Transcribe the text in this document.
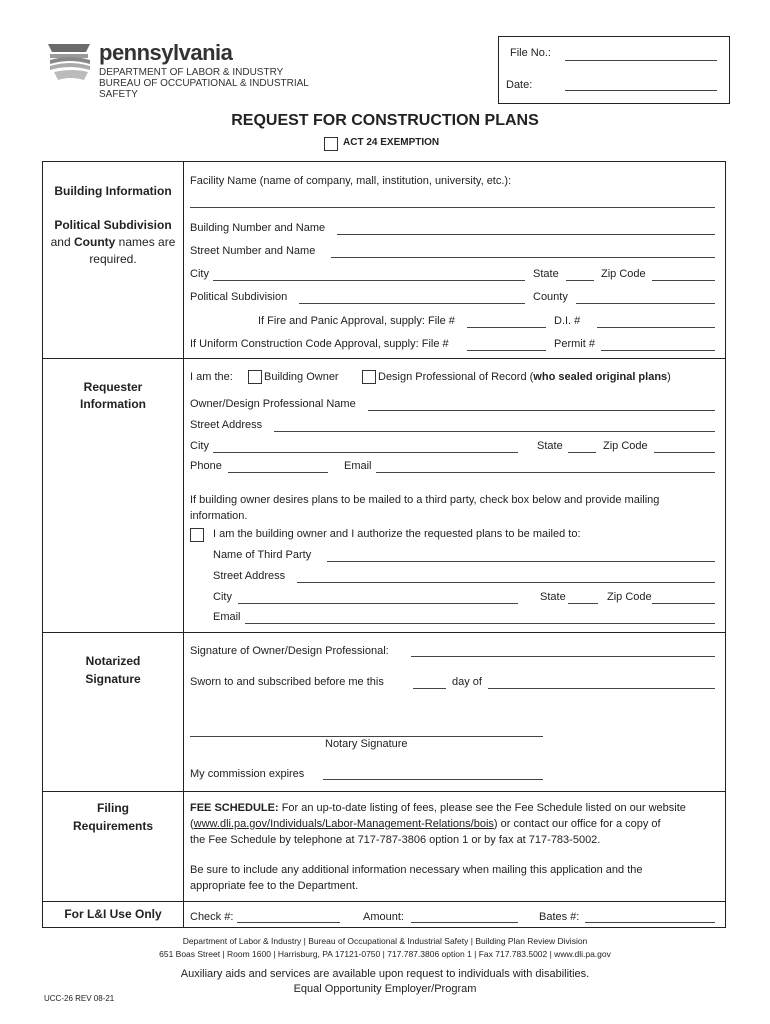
pennsylvania
DEPARTMENT OF LABOR & INDUSTRY
BUREAU OF OCCUPATIONAL & INDUSTRIAL SAFETY
File No.:
Date:
REQUEST FOR CONSTRUCTION PLANS
ACT 24 EXEMPTION
Building Information
Political Subdivision
and County names are required.
Facility Name (name of company, mall, institution, university, etc.):
Building Number and Name
Street Number and Name
City	State	Zip Code
Political Subdivision	County
If Fire and Panic Approval, supply: File #	D.I. #
If Uniform Construction Code Approval, supply: File #	Permit #
Requester
Information
I am the:	Building Owner	Design Professional of Record (who sealed original plans)
Owner/Design Professional Name
Street Address
City	State	Zip Code
Phone	Email
If building owner desires plans to be mailed to a third party, check box below and provide mailing information.
I am the building owner and I authorize the requested plans to be mailed to:
Name of Third Party
Street Address
City	State	Zip Code
Email
Notarized
Signature
Signature of Owner/Design Professional:
Sworn to and subscribed before me this	day of
Notary Signature
My commission expires
Filing
Requirements
FEE SCHEDULE: For an up-to-date listing of fees, please see the Fee Schedule listed on our website
(www.dli.pa.gov/Individuals/Labor-Management-Relations/bois) or contact our office for a copy of
the Fee Schedule by telephone at 717-787-3806 option 1 or by fax at 717-783-5002.
Be sure to include any additional information necessary when mailing this application and the
appropriate fee to the Department.
For L&I Use Only	Check #:	Amount:	Bates #:
Department of Labor & Industry | Bureau of Occupational & Industrial Safety | Building Plan Review Division
651 Boas Street | Room 1600 | Harrisburg, PA 17121-0750 | 717.787.3806 option 1 | Fax 717.783.5002 | www.dli.pa.gov
Auxiliary aids and services are available upon request to individuals with disabilities.
Equal Opportunity Employer/Program
UCC-26 REV 08-21
